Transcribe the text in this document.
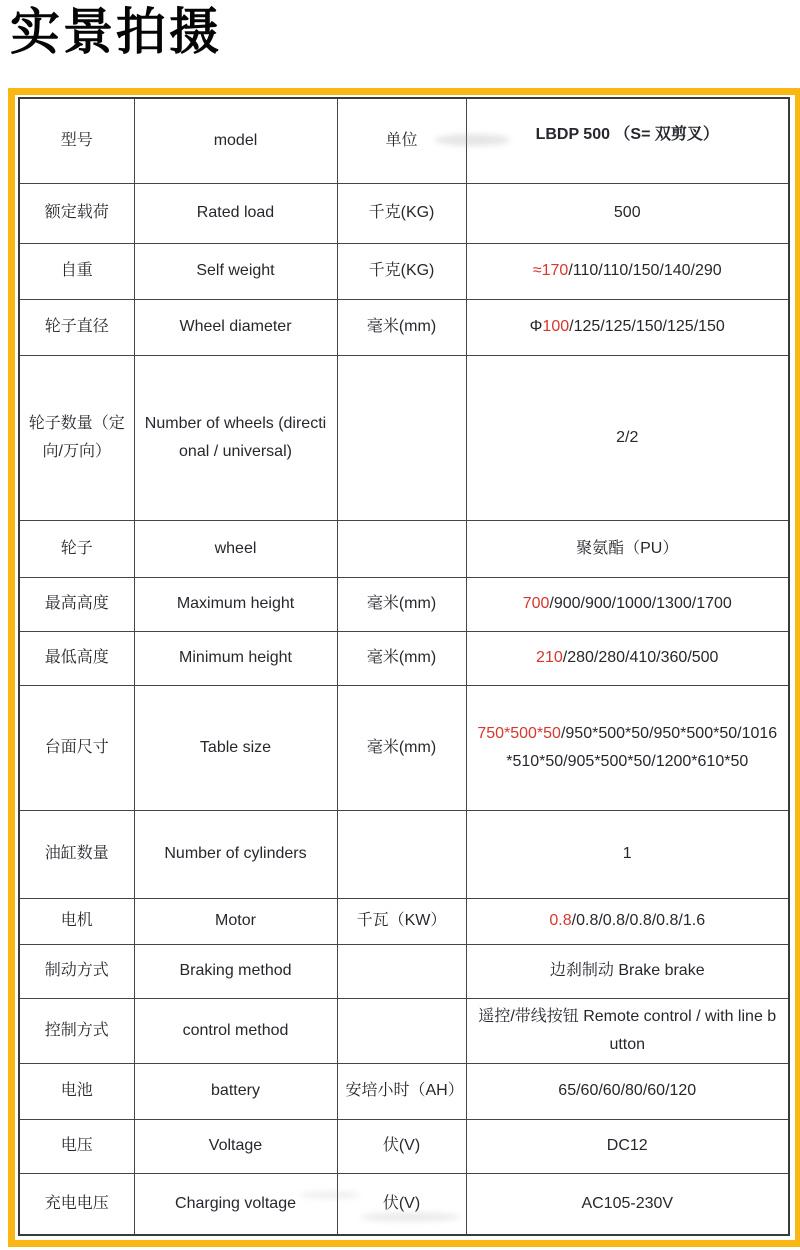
实景拍摄
型号	model	单位	LBDP 500 （S= 双剪叉）
额定载荷	Rated load	千克(KG)	500
自重	Self weight	千克(KG)	≈170/110/110/150/140/290
轮子直径	Wheel diameter	毫米(mm)	Φ100/125/125/150/125/150
轮子数量（定向/万向）	Number of wheels (directional / universal)		2/2
轮子	wheel		聚氨酯（PU）
最高高度	Maximum height	毫米(mm)	700/900/900/1000/1300/1700
最低高度	Minimum height	毫米(mm)	210/280/280/410/360/500
台面尺寸	Table size	毫米(mm)	750*500*50/950*500*50/950*500*50/1016*510*50/905*500*50/1200*610*50
油缸数量	Number of cylinders		1
电机	Motor	千瓦（KW）	0.8/0.8/0.8/0.8/0.8/1.6
制动方式	Braking method		边刹制动 Brake brake
控制方式	control method		遥控/带线按钮 Remote control / with line button
电池	battery	安培小时（AH）	65/60/60/80/60/120
电压	Voltage	伏(V)	DC12
充电电压	Charging voltage	伏(V)	AC105-230V
